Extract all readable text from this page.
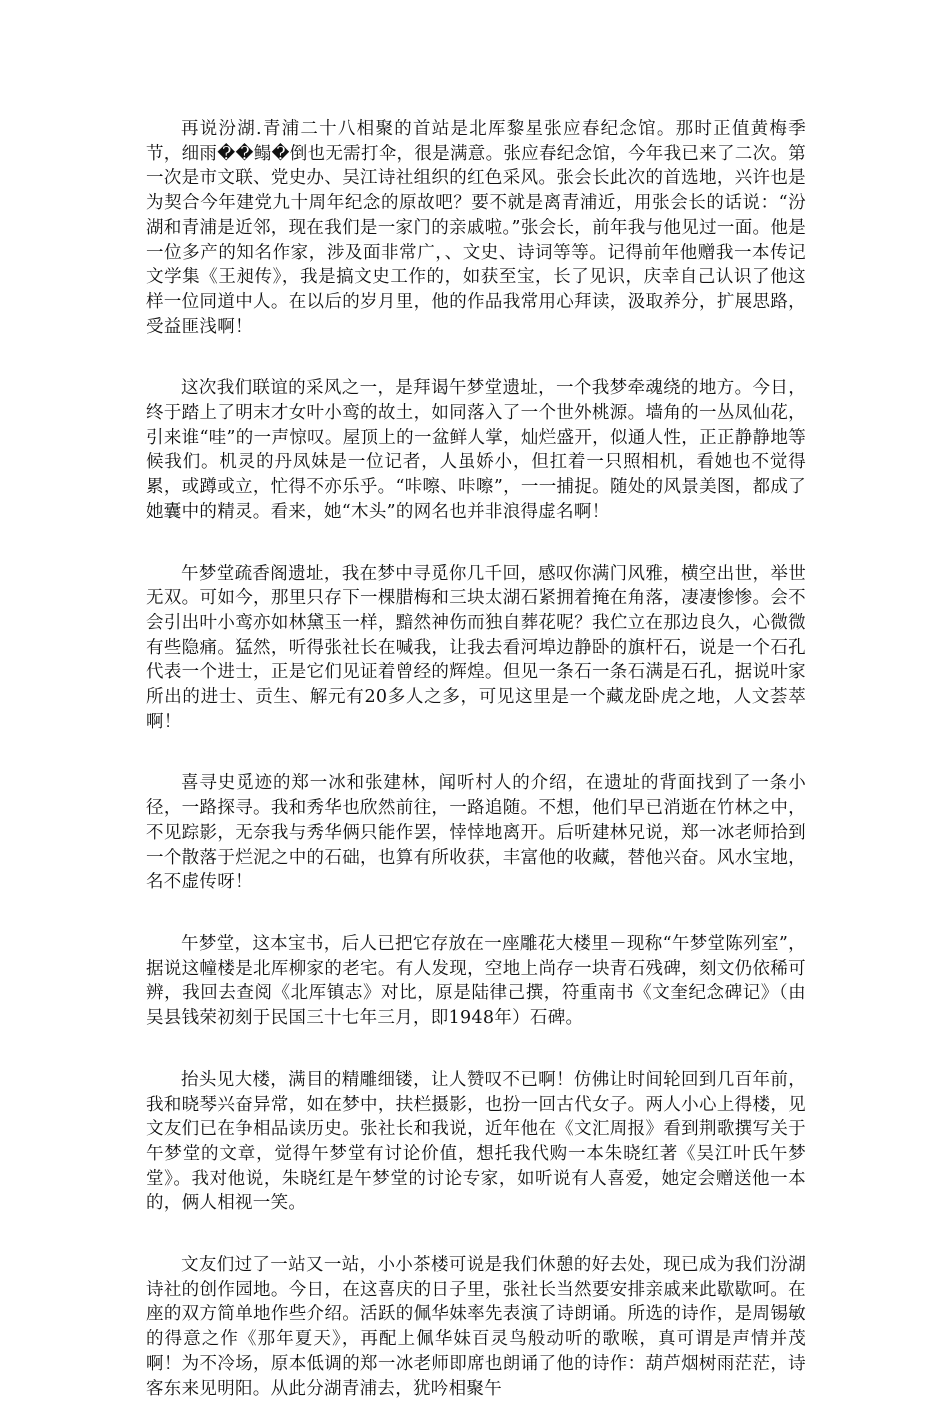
再说汾湖.青浦二十八相聚的首站是北厍黎星张应春纪念馆。那时正值黄梅季节，细雨��鳎�倒也无需打伞，很是满意。张应春纪念馆，今年我已来了二次。第一次是市文联、党史办、吴江诗社组织的红色采风。张会长此次的首选地，兴许也是为契合今年建党九十周年纪念的原故吧？要不就是离青浦近，用张会长的话说：“汾湖和青浦是近邻，现在我们是一家门的亲戚啦。”张会长，前年我与他见过一面。他是一位多产的知名作家，涉及面非常广，、文史、诗词等等。记得前年他赠我一本传记文学集《王昶传》，我是搞文史工作的，如获至宝，长了见识，庆幸自己认识了他这样一位同道中人。在以后的岁月里，他的作品我常用心拜读，汲取养分，扩展思路，受益匪浅啊！

这次我们联谊的采风之一，是拜谒午梦堂遗址，一个我梦牵魂绕的地方。今日，终于踏上了明末才女叶小鸾的故土，如同落入了一个世外桃源。墙角的一丛凤仙花，引来谁“哇”的一声惊叹。屋顶上的一盆鲜人掌，灿烂盛开，似通人性，正正静静地等候我们。机灵的丹凤妹是一位记者，人虽娇小，但扛着一只照相机，看她也不觉得累，或蹲或立，忙得不亦乐乎。“咔嚓、咔嚓”，一一捕捉。随处的风景美图，都成了她囊中的精灵。看来，她“木头”的网名也并非浪得虚名啊！

午梦堂疏香阁遗址，我在梦中寻觅你几千回，感叹你满门风雅，横空出世，举世无双。可如今，那里只存下一棵腊梅和三块太湖石紧拥着掩在角落，凄凄惨惨。会不会引出叶小鸾亦如林黛玉一样，黯然神伤而独自葬花呢？我伫立在那边良久，心微微有些隐痛。猛然，听得张社长在喊我，让我去看河埠边静卧的旗杆石，说是一个石孔代表一个进士，正是它们见证着曾经的辉煌。但见一条石一条石满是石孔，据说叶家所出的进士、贡生、解元有20多人之多，可见这里是一个藏龙卧虎之地，人文荟萃啊！

喜寻史觅迹的郑一冰和张建林，闻听村人的介绍，在遗址的背面找到了一条小径，一路探寻。我和秀华也欣然前往，一路追随。不想，他们早已消逝在竹林之中，不见踪影，无奈我与秀华俩只能作罢，悻悻地离开。后听建林兄说，郑一冰老师拾到一个散落于烂泥之中的石础，也算有所收获，丰富他的收藏，替他兴奋。风水宝地，名不虚传呀！

午梦堂，这本宝书，后人已把它存放在一座雕花大楼里－现称“午梦堂陈列室”，据说这幢楼是北厍柳家的老宅。有人发现，空地上尚存一块青石残碑，刻文仍依稀可辨，我回去查阅《北厍镇志》对比，原是陆律己撰，符重南书《文奎纪念碑记》（由吴县钱荣初刻于民国三十七年三月，即1948年）石碑。

抬头见大楼，满目的精雕细镂，让人赞叹不已啊！仿佛让时间轮回到几百年前，我和晓琴兴奋异常，如在梦中，扶栏摄影，也扮一回古代女子。两人小心上得楼，见文友们已在争相品读历史。张社长和我说，近年他在《文汇周报》看到荆歌撰写关于午梦堂的文章，觉得午梦堂有讨论价值，想托我代购一本朱晓红著《吴江叶氏午梦堂》。我对他说，朱晓红是午梦堂的讨论专家，如听说有人喜爱，她定会赠送他一本的，俩人相视一笑。

文友们过了一站又一站，小小茶楼可说是我们休憩的好去处，现已成为我们汾湖诗社的创作园地。今日，在这喜庆的日子里，张社长当然要安排亲戚来此歇歇呵。在座的双方简单地作些介绍。活跃的佩华妹率先表演了诗朗诵。所选的诗作，是周锡敏的得意之作《那年夏天》，再配上佩华妹百灵鸟般动听的歌喉，真可谓是声情并茂啊！为不冷场，原本低调的郑一冰老师即席也朗诵了他的诗作：葫芦烟树雨茫茫，诗客东来见明阳。从此分湖青浦去，犹吟相聚午
